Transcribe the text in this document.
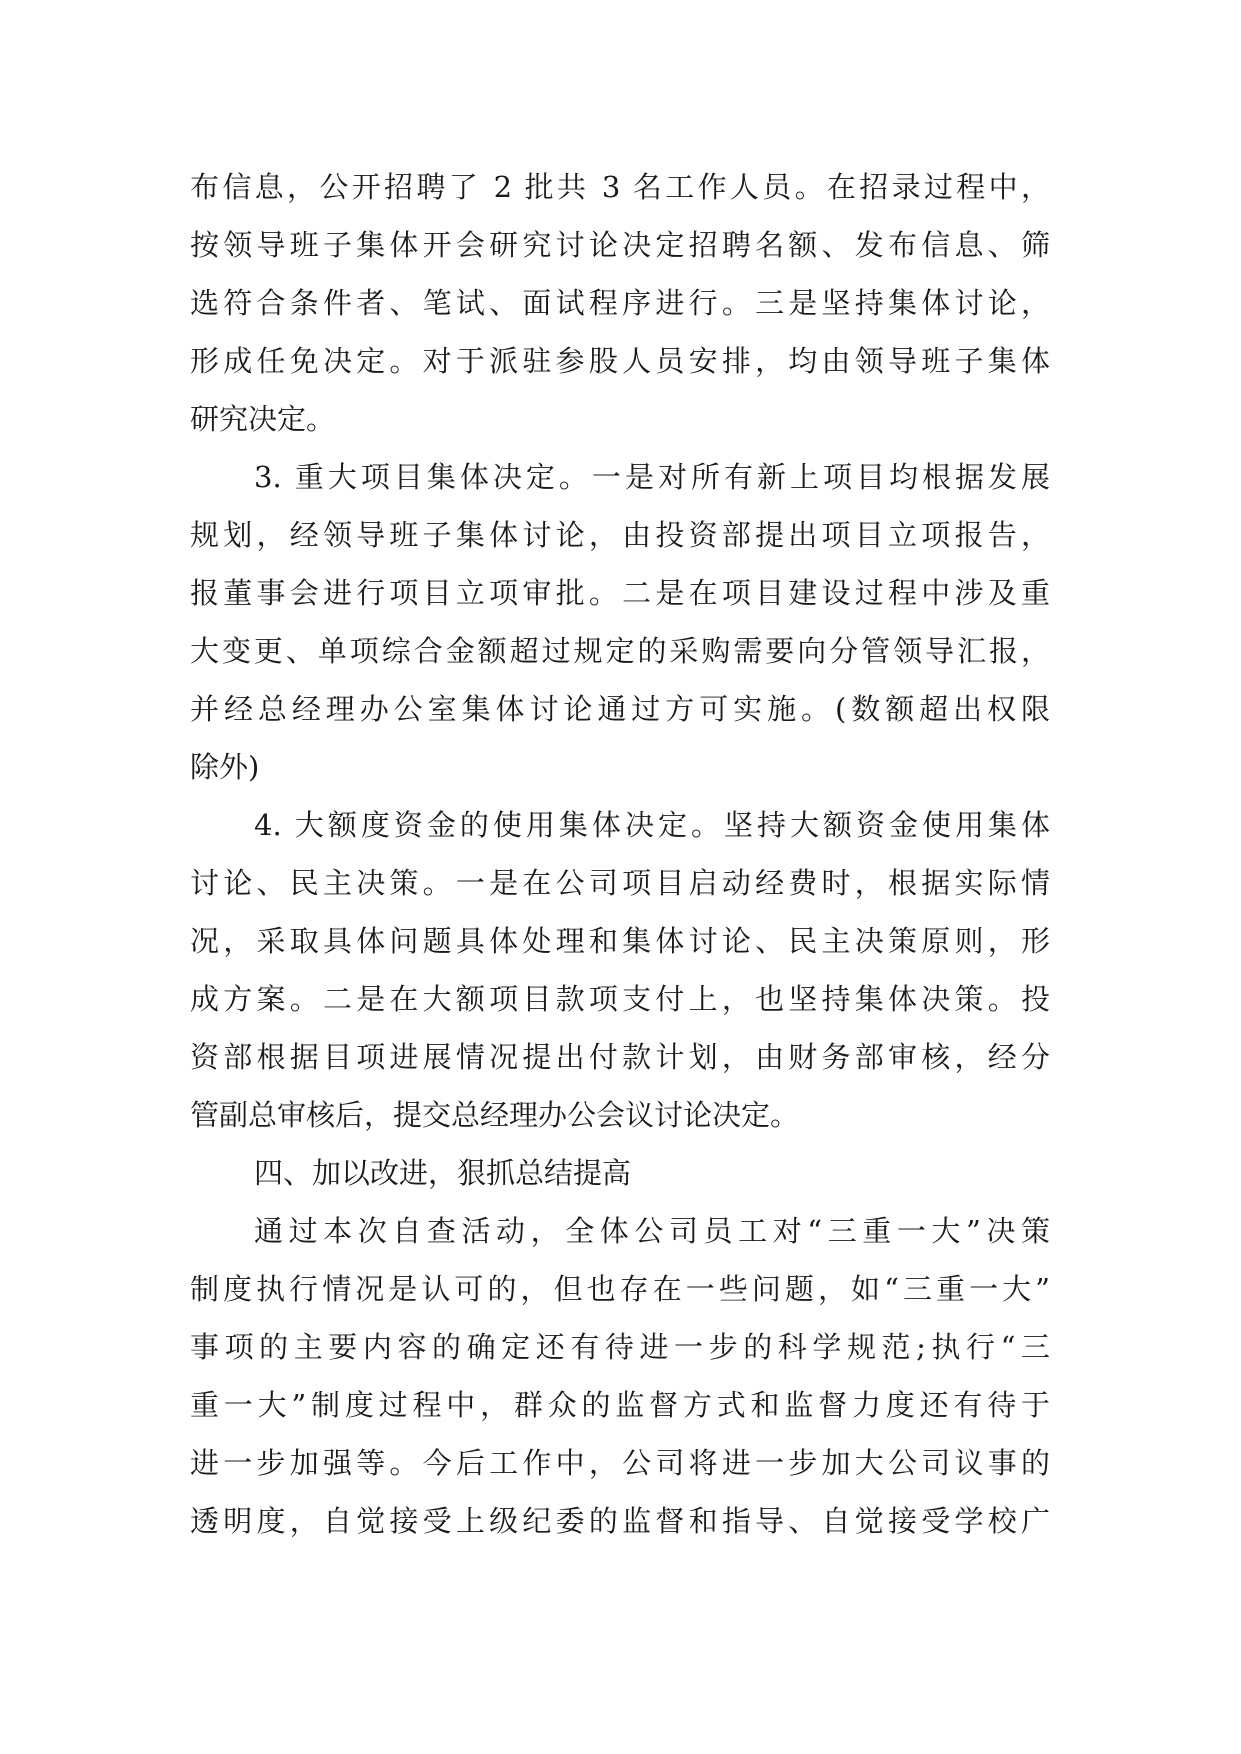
布信息，公开招聘了 2 批共 3 名工作人员。在招录过程中，
按领导班子集体开会研究讨论决定招聘名额、发布信息、筛
选符合条件者、笔试、面试程序进行。三是坚持集体讨论，
形成任免决定。对于派驻参股人员安排，均由领导班子集体
研究决定。
3. 重大项目集体决定。一是对所有新上项目均根据发展
规划，经领导班子集体讨论，由投资部提出项目立项报告，
报董事会进行项目立项审批。二是在项目建设过程中涉及重
大变更、单项综合金额超过规定的采购需要向分管领导汇报，
并经总经理办公室集体讨论通过方可实施。(数额超出权限
除外)
4. 大额度资金的使用集体决定。坚持大额资金使用集体
讨论、民主决策。一是在公司项目启动经费时，根据实际情
况，采取具体问题具体处理和集体讨论、民主决策原则，形
成方案。二是在大额项目款项支付上，也坚持集体决策。投
资部根据目项进展情况提出付款计划，由财务部审核，经分
管副总审核后，提交总经理办公会议讨论决定。
四、加以改进，狠抓总结提高
通过本次自查活动，全体公司员工对“三重一大”决策
制度执行情况是认可的，但也存在一些问题，如“三重一大”
事项的主要内容的确定还有待进一步的科学规范;执行“三
重一大”制度过程中，群众的监督方式和监督力度还有待于
进一步加强等。今后工作中，公司将进一步加大公司议事的
透明度，自觉接受上级纪委的监督和指导、自觉接受学校广
